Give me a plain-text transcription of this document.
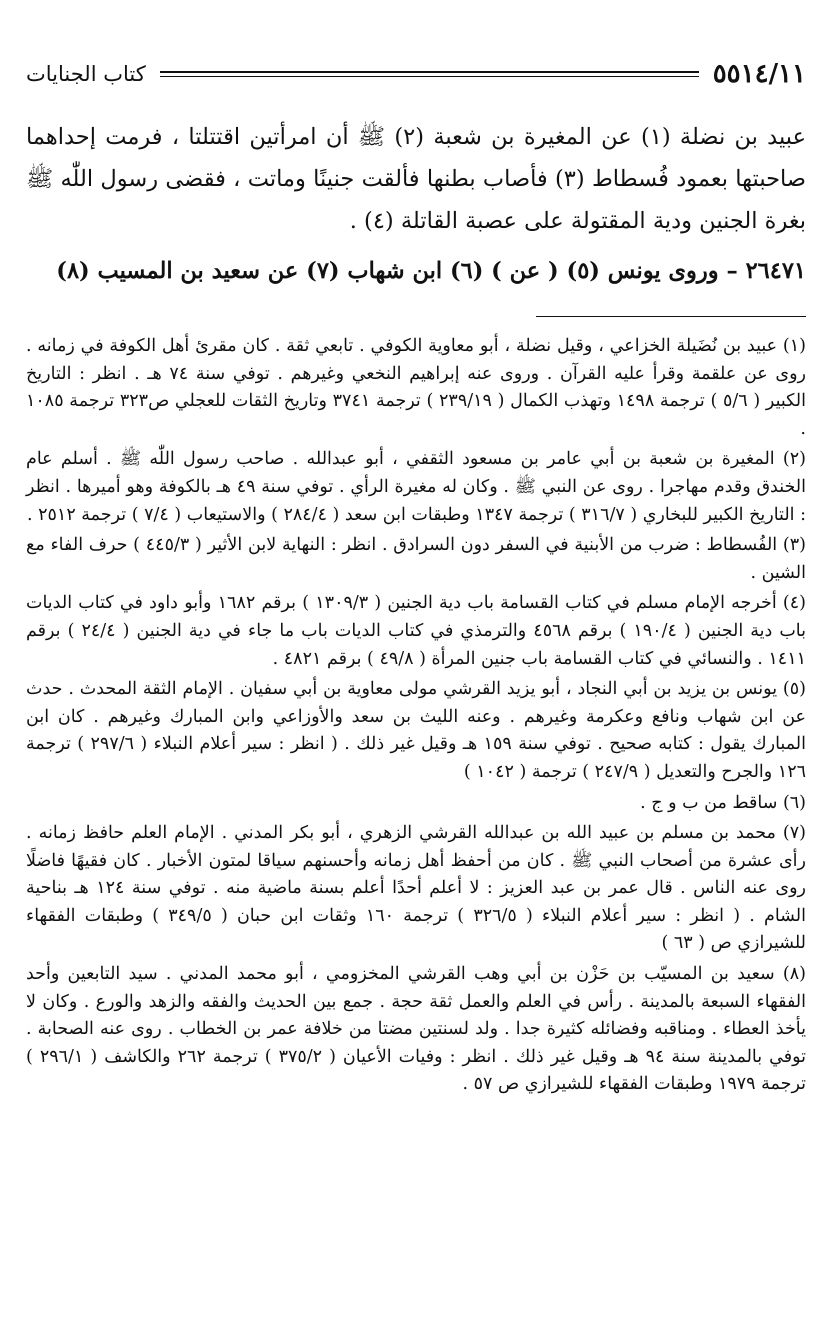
٥٥١٤/١١
كتاب الجنايات

عبيد بن نضلة (١) عن المغيرة بن شعبة (٢) ﷺ أن امرأتين اقتتلتا ، فرمت إحداهما صاحبتها بعمود فُسطاط (٣) فأصاب بطنها فألقت جنينًا وماتت ، فقضى رسول اللّٰه ﷺ بغرة الجنين ودية المقتولة على عصبة القاتلة (٤) .

٢٦٤٧١ – وروى يونس (٥) ( عن ) (٦) ابن شهاب (٧) عن سعيد بن المسيب (٨)

(١) عبيد بن نُضَيلة الخزاعي ، وقيل نضلة ، أبو معاوية الكوفي . تابعي ثقة . كان مقرئ أهل الكوفة في زمانه . روى عن علقمة وقرأ عليه القرآن . وروى عنه إبراهيم النخعي وغيرهم . توفي سنة ٧٤ هـ . انظر : التاريخ الكبير ( ٥/٦ ) ترجمة ١٤٩٨ وتهذب الكمال ( ٢٣٩/١٩ ) ترجمة ٣٧٤١ وتاريخ الثقات للعجلي ص٣٢٣ ترجمة ١٠٨٥ .

(٢) المغيرة بن شعبة بن أبي عامر بن مسعود الثقفي ، أبو عبدالله . صاحب رسول اللّٰه ﷺ . أسلم عام الخندق وقدم مهاجرا . روى عن النبي ﷺ . وكان له مغيرة الرأي . توفي سنة ٤٩ هـ بالكوفة وهو أميرها . انظر : التاريخ الكبير للبخاري ( ٣١٦/٧ ) ترجمة ١٣٤٧ وطبقات ابن سعد ( ٢٨٤/٤ ) والاستيعاب ( ٧/٤ ) ترجمة ٢٥١٢ .

(٣) الفُسطاط : ضرب من الأبنية في السفر دون السرادق . انظر : النهاية لابن الأثير ( ٤٤٥/٣ ) حرف الفاء مع الشين .

(٤) أخرجه الإمام مسلم في كتاب القسامة باب دية الجنين ( ١٣٠٩/٣ ) برقم ١٦٨٢ وأبو داود في كتاب الديات باب دية الجنين ( ١٩٠/٤ ) برقم ٤٥٦٨ والترمذي في كتاب الديات باب ما جاء في دية الجنين ( ٢٤/٤ ) برقم ١٤١١ . والنسائي في كتاب القسامة باب جنين المرأة ( ٤٩/٨ ) برقم ٤٨٢١ .

(٥) يونس بن يزيد بن أبي النجاد ، أبو يزيد القرشي مولى معاوية بن أبي سفيان . الإمام الثقة المحدث . حدث عن ابن شهاب ونافع وعكرمة وغيرهم . وعنه الليث بن سعد والأوزاعي وابن المبارك وغيرهم . كان ابن المبارك يقول : كتابه صحيح . توفي سنة ١٥٩ هـ وقيل غير ذلك . ( انظر : سير أعلام النبلاء ( ٢٩٧/٦ ) ترجمة ١٢٦ والجرح والتعديل ( ٢٤٧/٩ ) ترجمة ( ١٠٤٢ )

(٦) ساقط من ب و ج .

(٧) محمد بن مسلم بن عبيد الله بن عبدالله القرشي الزهري ، أبو بكر المدني . الإمام العلم حافظ زمانه . رأى عشرة من أصحاب النبي ﷺ . كان من أحفظ أهل زمانه وأحسنهم سياقا لمتون الأخبار . كان فقيهًا فاضلًا روى عنه الناس . قال عمر بن عبد العزيز : لا أعلم أحدًا أعلم بسنة ماضية منه . توفي سنة ١٢٤ هـ بناحية الشام . ( انظر : سير أعلام النبلاء ( ٣٢٦/٥ ) ترجمة ١٦٠ وثقات ابن حبان ( ٣٤٩/٥ ) وطبقات الفقهاء للشيرازي ص ( ٦٣ )

(٨) سعيد بن المسيّب بن حَزْن بن أبي وهب القرشي المخزومي ، أبو محمد المدني . سيد التابعين وأحد الفقهاء السبعة بالمدينة . رأس في العلم والعمل ثقة حجة . جمع بين الحديث والفقه والزهد والورع . وكان لا يأخذ العطاء . ومناقبه وفضائله كثيرة جدا . ولد لسنتين مضتا من خلافة عمر بن الخطاب . روى عنه الصحابة . توفي بالمدينة سنة ٩٤ هـ وقيل غير ذلك . انظر : وفيات الأعيان ( ٣٧٥/٢ ) ترجمة ٢٦٢ والكاشف ( ٢٩٦/١ ) ترجمة ١٩٧٩ وطبقات الفقهاء للشيرازي ص ٥٧ .
